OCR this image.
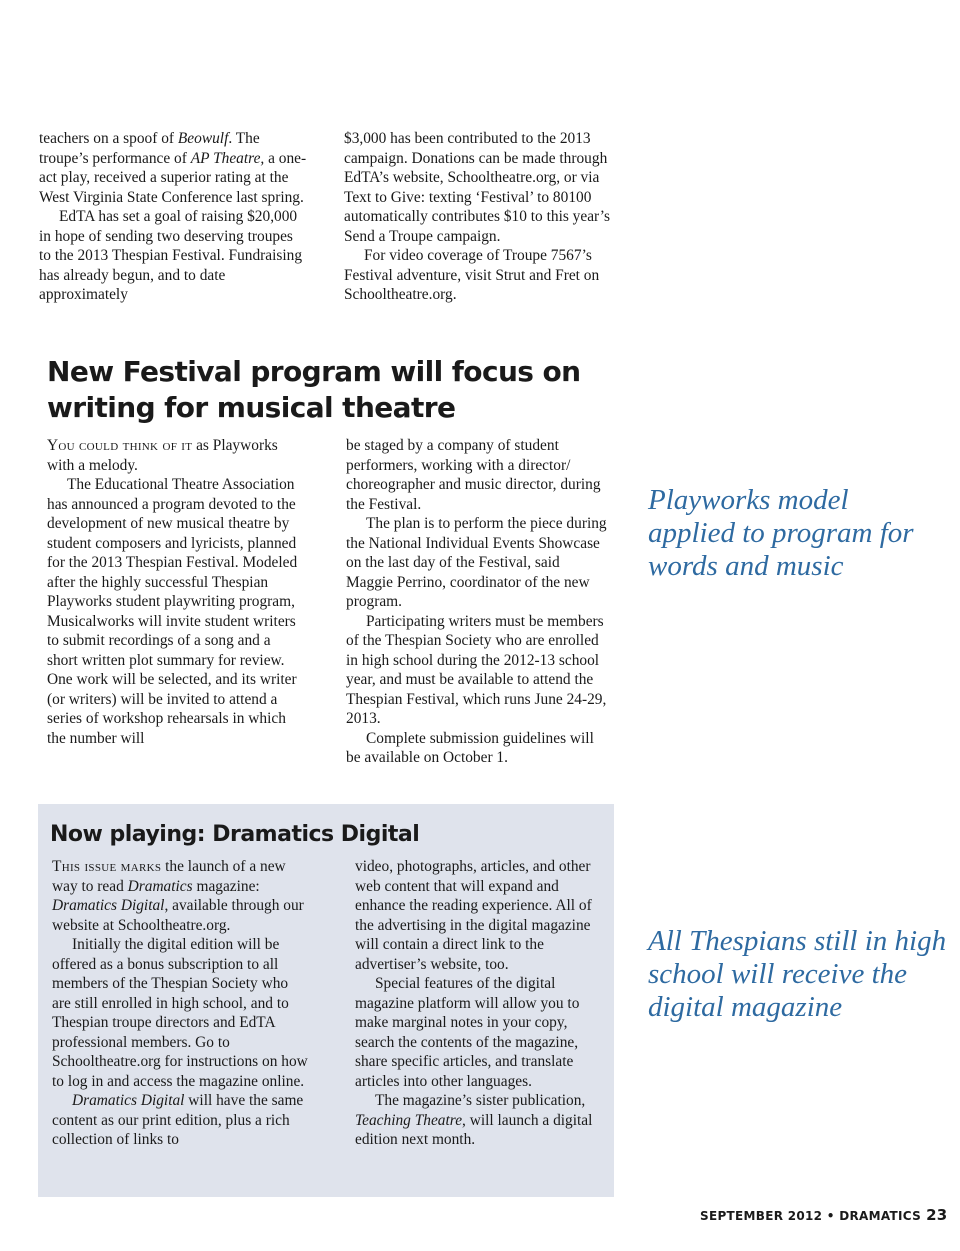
teachers on a spoof of Beowulf. The troupe’s performance of AP Theatre, a one-act play, received a superior rating at the West Virginia State Conference last spring.

EdTA has set a goal of raising $20,000 in hope of sending two deserving troupes to the 2013 Thespian Festival. Fundraising has already begun, and to date approximately

$3,000 has been contributed to the 2013 campaign. Donations can be made through EdTA’s website, Schooltheatre.org, or via Text to Give: texting ‘Festival’ to 80100 automatically contributes $10 to this year’s Send a Troupe campaign.

For video coverage of Troupe 7567’s Festival adventure, visit Strut and Fret on Schooltheatre.org.

New Festival program will focus on writing for musical theatre

You could think of it as Playworks with a melody.

The Educational Theatre Association has announced a program devoted to the development of new musical theatre by student composers and lyricists, planned for the 2013 Thespian Festival. Modeled after the highly successful Thespian Playworks student playwriting program, Musicalworks will invite student writers to submit recordings of a song and a short written plot summary for review. One work will be selected, and its writer (or writers) will be invited to attend a series of workshop rehearsals in which the number will

be staged by a company of student performers, working with a director/ choreographer and music director, during the Festival.

The plan is to perform the piece during the National Individual Events Showcase on the last day of the Festival, said Maggie Perrino, coordinator of the new program.

Participating writers must be members of the Thespian Society who are enrolled in high school during the 2012-13 school year, and must be available to attend the Thespian Festival, which runs June 24-29, 2013.

Complete submission guidelines will be available on October 1.

Playworks model applied to program for words and music

Now playing: Dramatics Digital

This issue marks the launch of a new way to read Dramatics magazine: Dramatics Digital, available through our website at Schooltheatre.org.

Initially the digital edition will be offered as a bonus subscription to all members of the Thespian Society who are still enrolled in high school, and to Thespian troupe directors and EdTA professional members. Go to Schooltheatre.org for instructions on how to log in and access the magazine online.

Dramatics Digital will have the same content as our print edition, plus a rich collection of links to

video, photographs, articles, and other web content that will expand and enhance the reading experience. All of the advertising in the digital magazine will contain a direct link to the advertiser’s website, too.

Special features of the digital magazine platform will allow you to make marginal notes in your copy, search the contents of the magazine, share specific articles, and translate articles into other languages.

The magazine’s sister publication, Teaching Theatre, will launch a digital edition next month.

All Thespians still in high school will receive the digital magazine

SEPTEMBER 2012 • DRAMATICS 23
